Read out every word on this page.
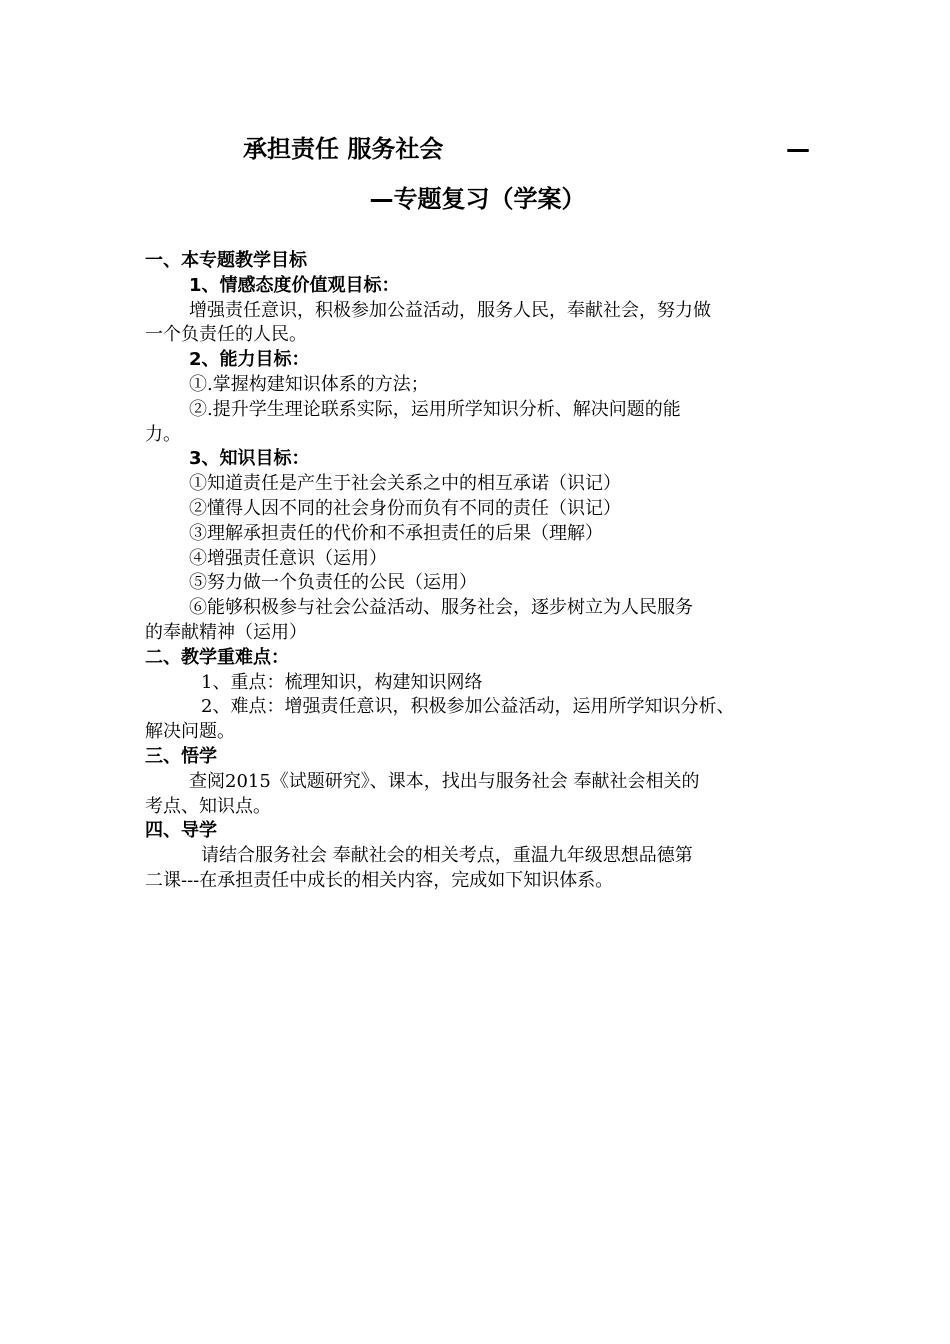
承担责任 服务社会	—
—专题复习（学案）
一、本专题教学目标
1、情感态度价值观目标：
增强责任意识，积极参加公益活动，服务人民，奉献社会，努力做
一个负责任的人民。
2、能力目标：
①.掌握构建知识体系的方法；
②.提升学生理论联系实际，运用所学知识分析、解决问题的能
力。
3、知识目标：
①知道责任是产生于社会关系之中的相互承诺（识记）
②懂得人因不同的社会身份而负有不同的责任（识记）
③理解承担责任的代价和不承担责任的后果（理解）
④增强责任意识（运用）
⑤努力做一个负责任的公民（运用）
⑥能够积极参与社会公益活动、服务社会，逐步树立为人民服务
的奉献精神（运用）
二、教学重难点：
1、重点：梳理知识，构建知识网络
2、难点：增强责任意识，积极参加公益活动，运用所学知识分析、
解决问题。
三、悟学
查阅2015《试题研究》、课本，找出与服务社会 奉献社会相关的
考点、知识点。
四、导学
请结合服务社会 奉献社会的相关考点，重温九年级思想品德第
二课---在承担责任中成长的相关内容，完成如下知识体系。
